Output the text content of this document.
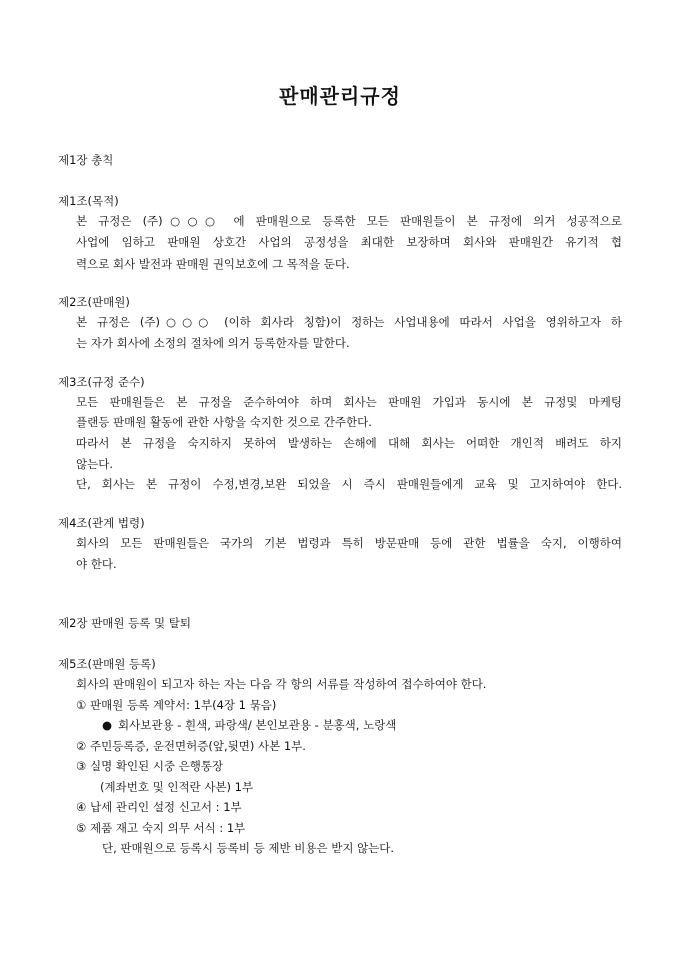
판매관리규정
제1장 총칙
제1조(목적)
본 규정은 (주)○○○ 에 판매원으로 등록한 모든 판매원들이 본 규정에 의거 성공적으로
사업에 임하고 판매원 상호간 사업의 공정성을 최대한 보장하며 회사와 판매원간 유기적 협
력으로 회사 발전과 판매원 권익보호에 그 목적을 둔다.
제2조(판매원)
본 규정은 (주)○○○ (이하 회사라 칭함)이 정하는 사업내용에 따라서 사업을 영위하고자 하
는 자가 회사에 소정의 절차에 의거 등록한자를 말한다.
제3조(규정 준수)
모든 판매원들은 본 규정을 준수하여야 하며 회사는 판매원 가입과 동시에 본 규정및 마케팅
플랜등 판매원 활동에 관한 사항을 숙지한 것으로 간주한다.
따라서 본 규정을 숙지하지 못하여 발생하는 손해에 대해 회사는 어떠한 개인적 배려도 하지
않는다.
단, 회사는 본 규정이 수정,변경,보완 되었을 시 즉시 판매원들에게 교육 및 고지하여야 한다.
제4조(관계 법령)
회사의 모든 판매원들은 국가의 기본 법령과 특히 방문판매 등에 관한 법률을 숙지, 이행하여
야 한다.
제2장 판매원 등록 및 탈퇴
제5조(판매원 등록)
회사의 판매원이 되고자 하는 자는 다음 각 항의 서류를 작성하여 접수하여야 한다.
① 판매원 등록 계약서: 1부(4장 1 묶음)
● 회사보관용 - 흰색, 파랑색/ 본인보관용 - 분홍색, 노랑색
② 주민등록증, 운전면허증(앞,뒷면) 사본 1부.
③ 실명 확인된 시중 은행통장
(계좌번호 및 인적란 사본) 1부
④ 납세 관리인 설정 신고서 : 1부
⑤ 제품 재고 숙지 의무 서식 : 1부
단, 판매원으로 등록시 등록비 등 제반 비용은 받지 않는다.
